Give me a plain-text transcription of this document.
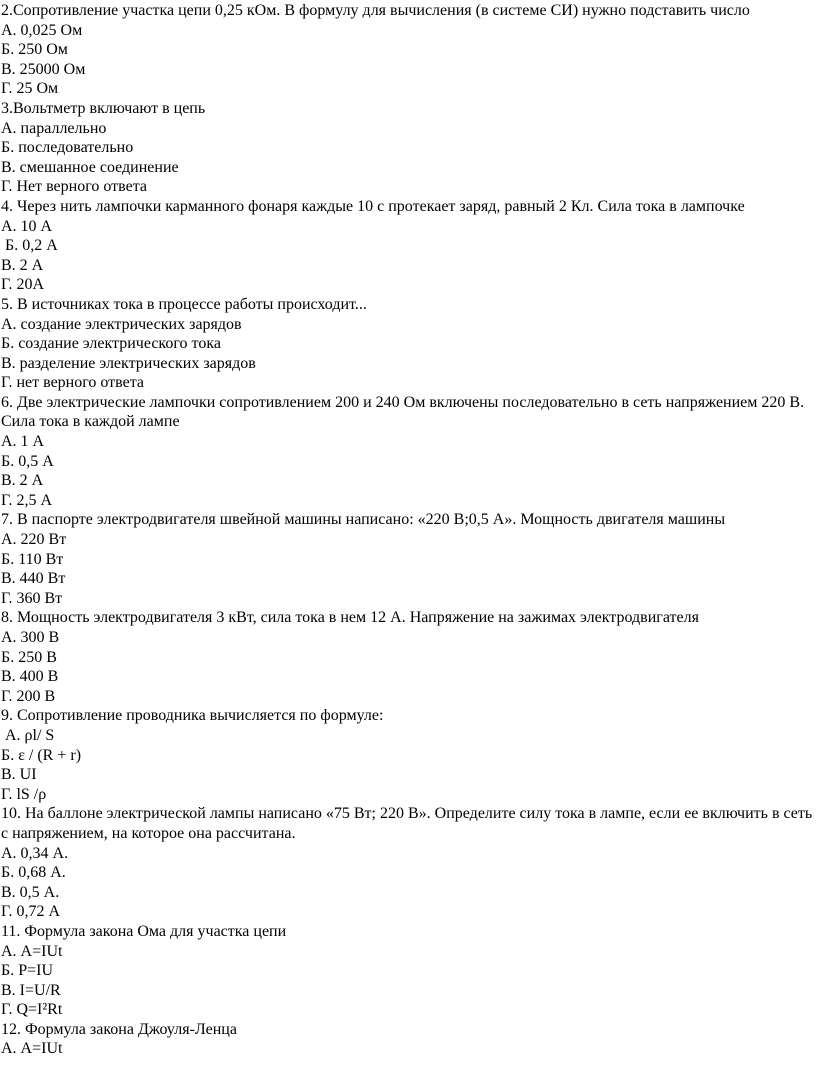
2.Сопротивление участка цепи 0,25 кОм. В формулу для вычисления (в системе СИ) нужно подставить число
А. 0,025 Ом
Б. 250 Ом
В. 25000 Ом
Г. 25 Ом
3.Вольтметр включают в цепь
А. параллельно
Б. последовательно
В. смешанное соединение
Г. Нет верного ответа
4. Через нить лампочки карманного фонаря каждые 10 с протекает заряд, равный 2 Кл. Сила тока в лампочке
А. 10 А
Б. 0,2 А
В. 2 А
Г. 20А
5. В источниках тока в процессе работы происходит...
А. создание электрических зарядов
Б. создание электрического тока
В. разделение электрических зарядов
Г. нет верного ответа
6. Две электрические лампочки сопротивлением 200 и 240 Ом включены последовательно в сеть напряжением 220 В. Сила тока в каждой лампе
А. 1 А
Б. 0,5 А
В. 2 А
Г. 2,5 А
7. В паспорте электродвигателя швейной машины написано: «220 В;0,5 А». Мощность двигателя машины
А. 220 Вт
Б. 110 Вт
В. 440 Вт
Г. 360 Вт
8. Мощность электродвигателя 3 кВт, сила тока в нем 12 А. Напряжение на зажимах электродвигателя
А. 300 В
Б. 250 В
В. 400 В
Г. 200 В
9. Сопротивление проводника вычисляется по формуле:
А. ρl/ S
Б. ε / (R + r)
В. UI
Г. lS /ρ
10. На баллоне электрической лампы написано «75 Вт; 220 В». Определите силу тока в лампе, если ее включить в сеть с напряжением, на которое она рассчитана.
А. 0,34 А.
Б. 0,68 А.
В. 0,5 А.
Г. 0,72 А
11. Формула закона Ома для участка цепи
А. A=IUt
Б. P=IU
В. I=U/R
Г. Q=I²Rt
12. Формула закона Джоуля-Ленца
А. A=IUt
